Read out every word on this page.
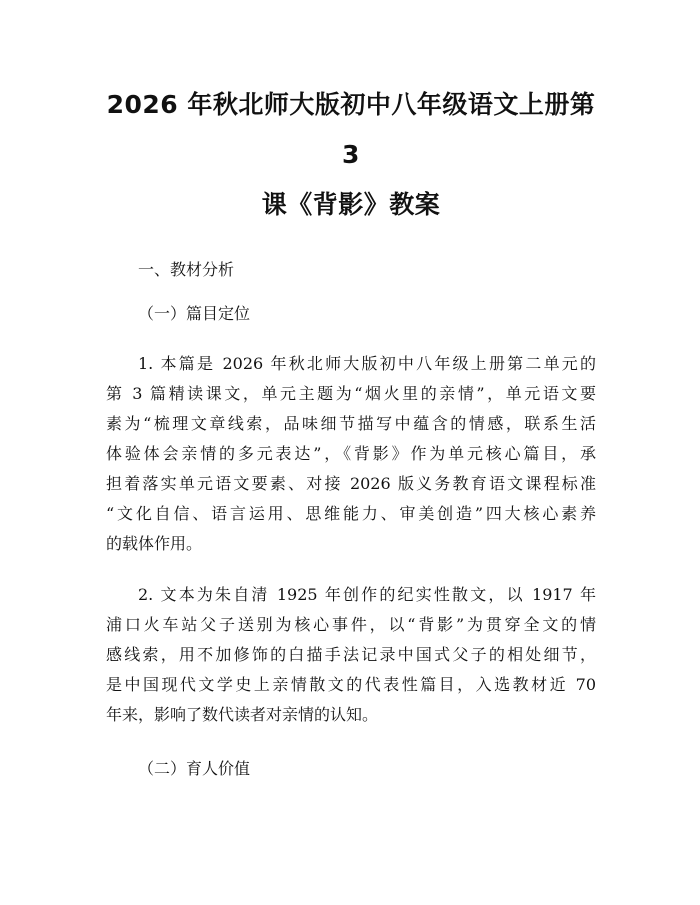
2026 年秋北师大版初中八年级语文上册第 3
课《背影》教案

一、教材分析

（一）篇目定位

1. 本篇是 2026 年秋北师大版初中八年级上册第二单元的
第 3 篇精读课文，单元主题为“烟火里的亲情”，单元语文要
素为“梳理文章线索，品味细节描写中蕴含的情感，联系生活
体验体会亲情的多元表达”，《背影》作为单元核心篇目，承
担着落实单元语文要素、对接 2026 版义务教育语文课程标准
“文化自信、语言运用、思维能力、审美创造”四大核心素养
的载体作用。

2. 文本为朱自清 1925 年创作的纪实性散文，以 1917 年
浦口火车站父子送别为核心事件，以“背影”为贯穿全文的情
感线索，用不加修饰的白描手法记录中国式父子的相处细节，
是中国现代文学史上亲情散文的代表性篇目，入选教材近 70
年来，影响了数代读者对亲情的认知。

（二）育人价值
